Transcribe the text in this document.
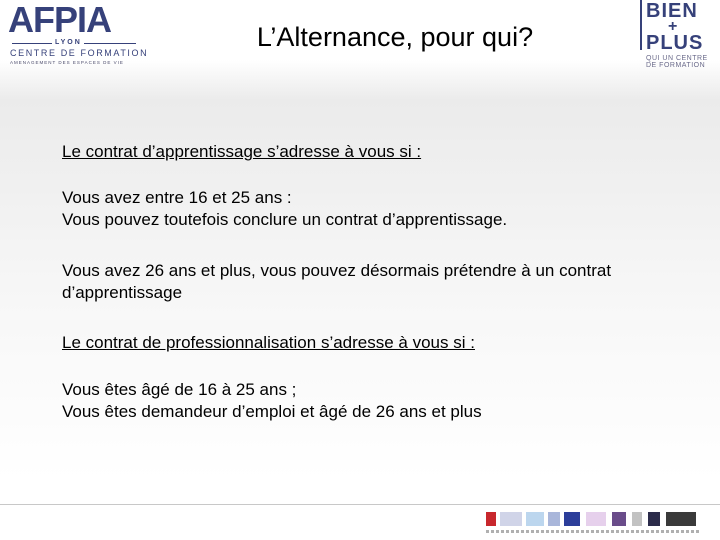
AFPIA
LYON
CENTRE DE FORMATION
AMENAGEMENT DES ESPACES DE VIE
L’Alternance, pour qui?
BIEN
+
PLUS
QUI UN CENTRE
DE FORMATION
Le contrat d’apprentissage s’adresse à vous si :
Vous avez entre 16 et 25 ans :
Vous pouvez toutefois conclure un contrat d’apprentissage.
Vous avez 26 ans et plus, vous pouvez désormais prétendre à un contrat d’apprentissage
Le contrat de professionnalisation s’adresse à vous si :
Vous êtes âgé de 16 à 25 ans ;
Vous êtes demandeur d’emploi et âgé de 26 ans et plus
